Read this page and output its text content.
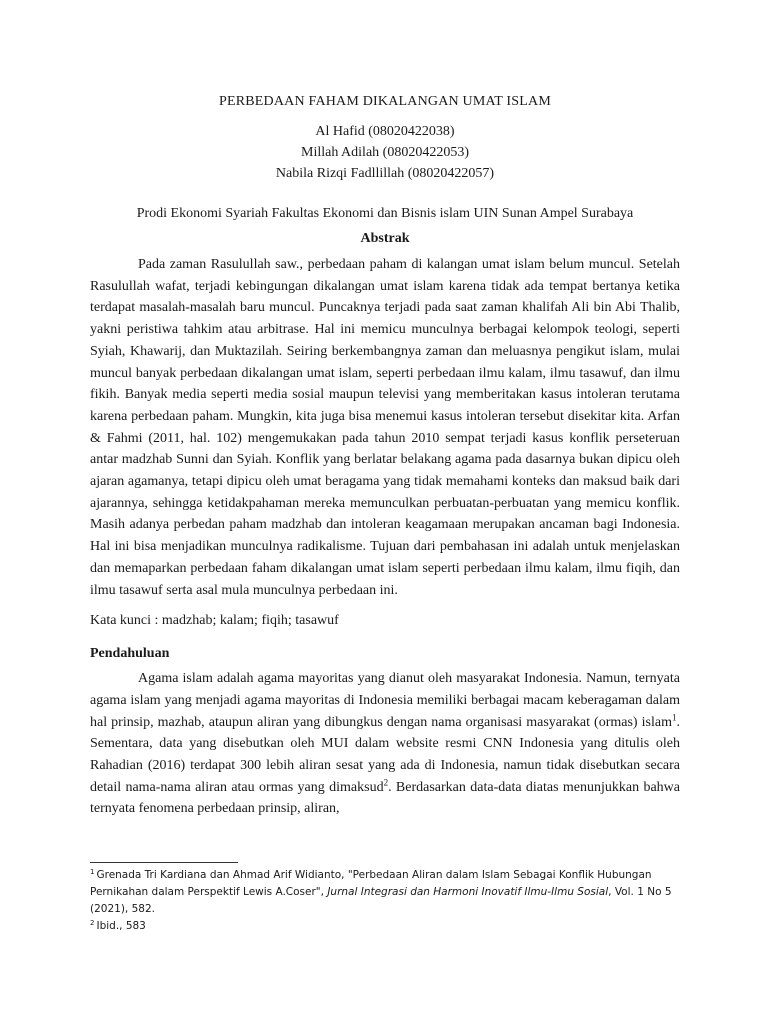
PERBEDAAN FAHAM DIKALANGAN UMAT ISLAM

Al Hafid (08020422038)

Millah Adilah (08020422053)

Nabila Rizqi Fadllillah (08020422057)

Prodi Ekonomi Syariah Fakultas Ekonomi dan Bisnis islam UIN Sunan Ampel Surabaya

Abstrak

Pada zaman Rasulullah saw., perbedaan paham di kalangan umat islam belum muncul. Setelah Rasulullah wafat, terjadi kebingungan dikalangan umat islam karena tidak ada tempat bertanya ketika terdapat masalah-masalah baru muncul. Puncaknya terjadi pada saat zaman khalifah Ali bin Abi Thalib, yakni peristiwa tahkim atau arbitrase. Hal ini memicu munculnya berbagai kelompok teologi, seperti Syiah, Khawarij, dan Muktazilah. Seiring berkembangnya zaman dan meluasnya pengikut islam, mulai muncul banyak perbedaan dikalangan umat islam, seperti perbedaan ilmu kalam, ilmu tasawuf, dan ilmu fikih. Banyak media seperti media sosial maupun televisi yang memberitakan kasus intoleran terutama karena perbedaan paham. Mungkin, kita juga bisa menemui kasus intoleran tersebut disekitar kita. Arfan & Fahmi (2011, hal. 102) mengemukakan pada tahun 2010 sempat terjadi kasus konflik perseteruan antar madzhab Sunni dan Syiah. Konflik yang berlatar belakang agama pada dasarnya bukan dipicu oleh ajaran agamanya, tetapi dipicu oleh umat beragama yang tidak memahami konteks dan maksud baik dari ajarannya, sehingga ketidakpahaman mereka memunculkan perbuatan-perbuatan yang memicu konflik. Masih adanya perbedan paham madzhab dan intoleran keagamaan merupakan ancaman bagi Indonesia. Hal ini bisa menjadikan munculnya radikalisme. Tujuan dari pembahasan ini adalah untuk menjelaskan dan memaparkan perbedaan faham dikalangan umat islam seperti perbedaan ilmu kalam, ilmu fiqih, dan ilmu tasawuf serta asal mula munculnya perbedaan ini.

Kata kunci : madzhab; kalam; fiqih; tasawuf

Pendahuluan

Agama islam adalah agama mayoritas yang dianut oleh masyarakat Indonesia. Namun, ternyata agama islam yang menjadi agama mayoritas di Indonesia memiliki berbagai macam keberagaman dalam hal prinsip, mazhab, ataupun aliran yang dibungkus dengan nama organisasi masyarakat (ormas) islam$^1$. Sementara, data yang disebutkan oleh MUI dalam website resmi CNN Indonesia yang ditulis oleh Rahadian (2016) terdapat 300 lebih aliran sesat yang ada di Indonesia, namun tidak disebutkan secara detail nama-nama aliran atau ormas yang dimaksud$^2$. Berdasarkan data-data diatas menunjukkan bahwa ternyata fenomena perbedaan prinsip, aliran,

$^1$ Grenada Tri Kardiana dan Ahmad Arif Widianto, "Perbedaan Aliran dalam Islam Sebagai Konflik Hubungan Pernikahan dalam Perspektif Lewis A.Coser", Jurnal Integrasi dan Harmoni Inovatif Ilmu-Ilmu Sosial, Vol. 1 No 5 (2021), 582.

$^2$ Ibid., 583
